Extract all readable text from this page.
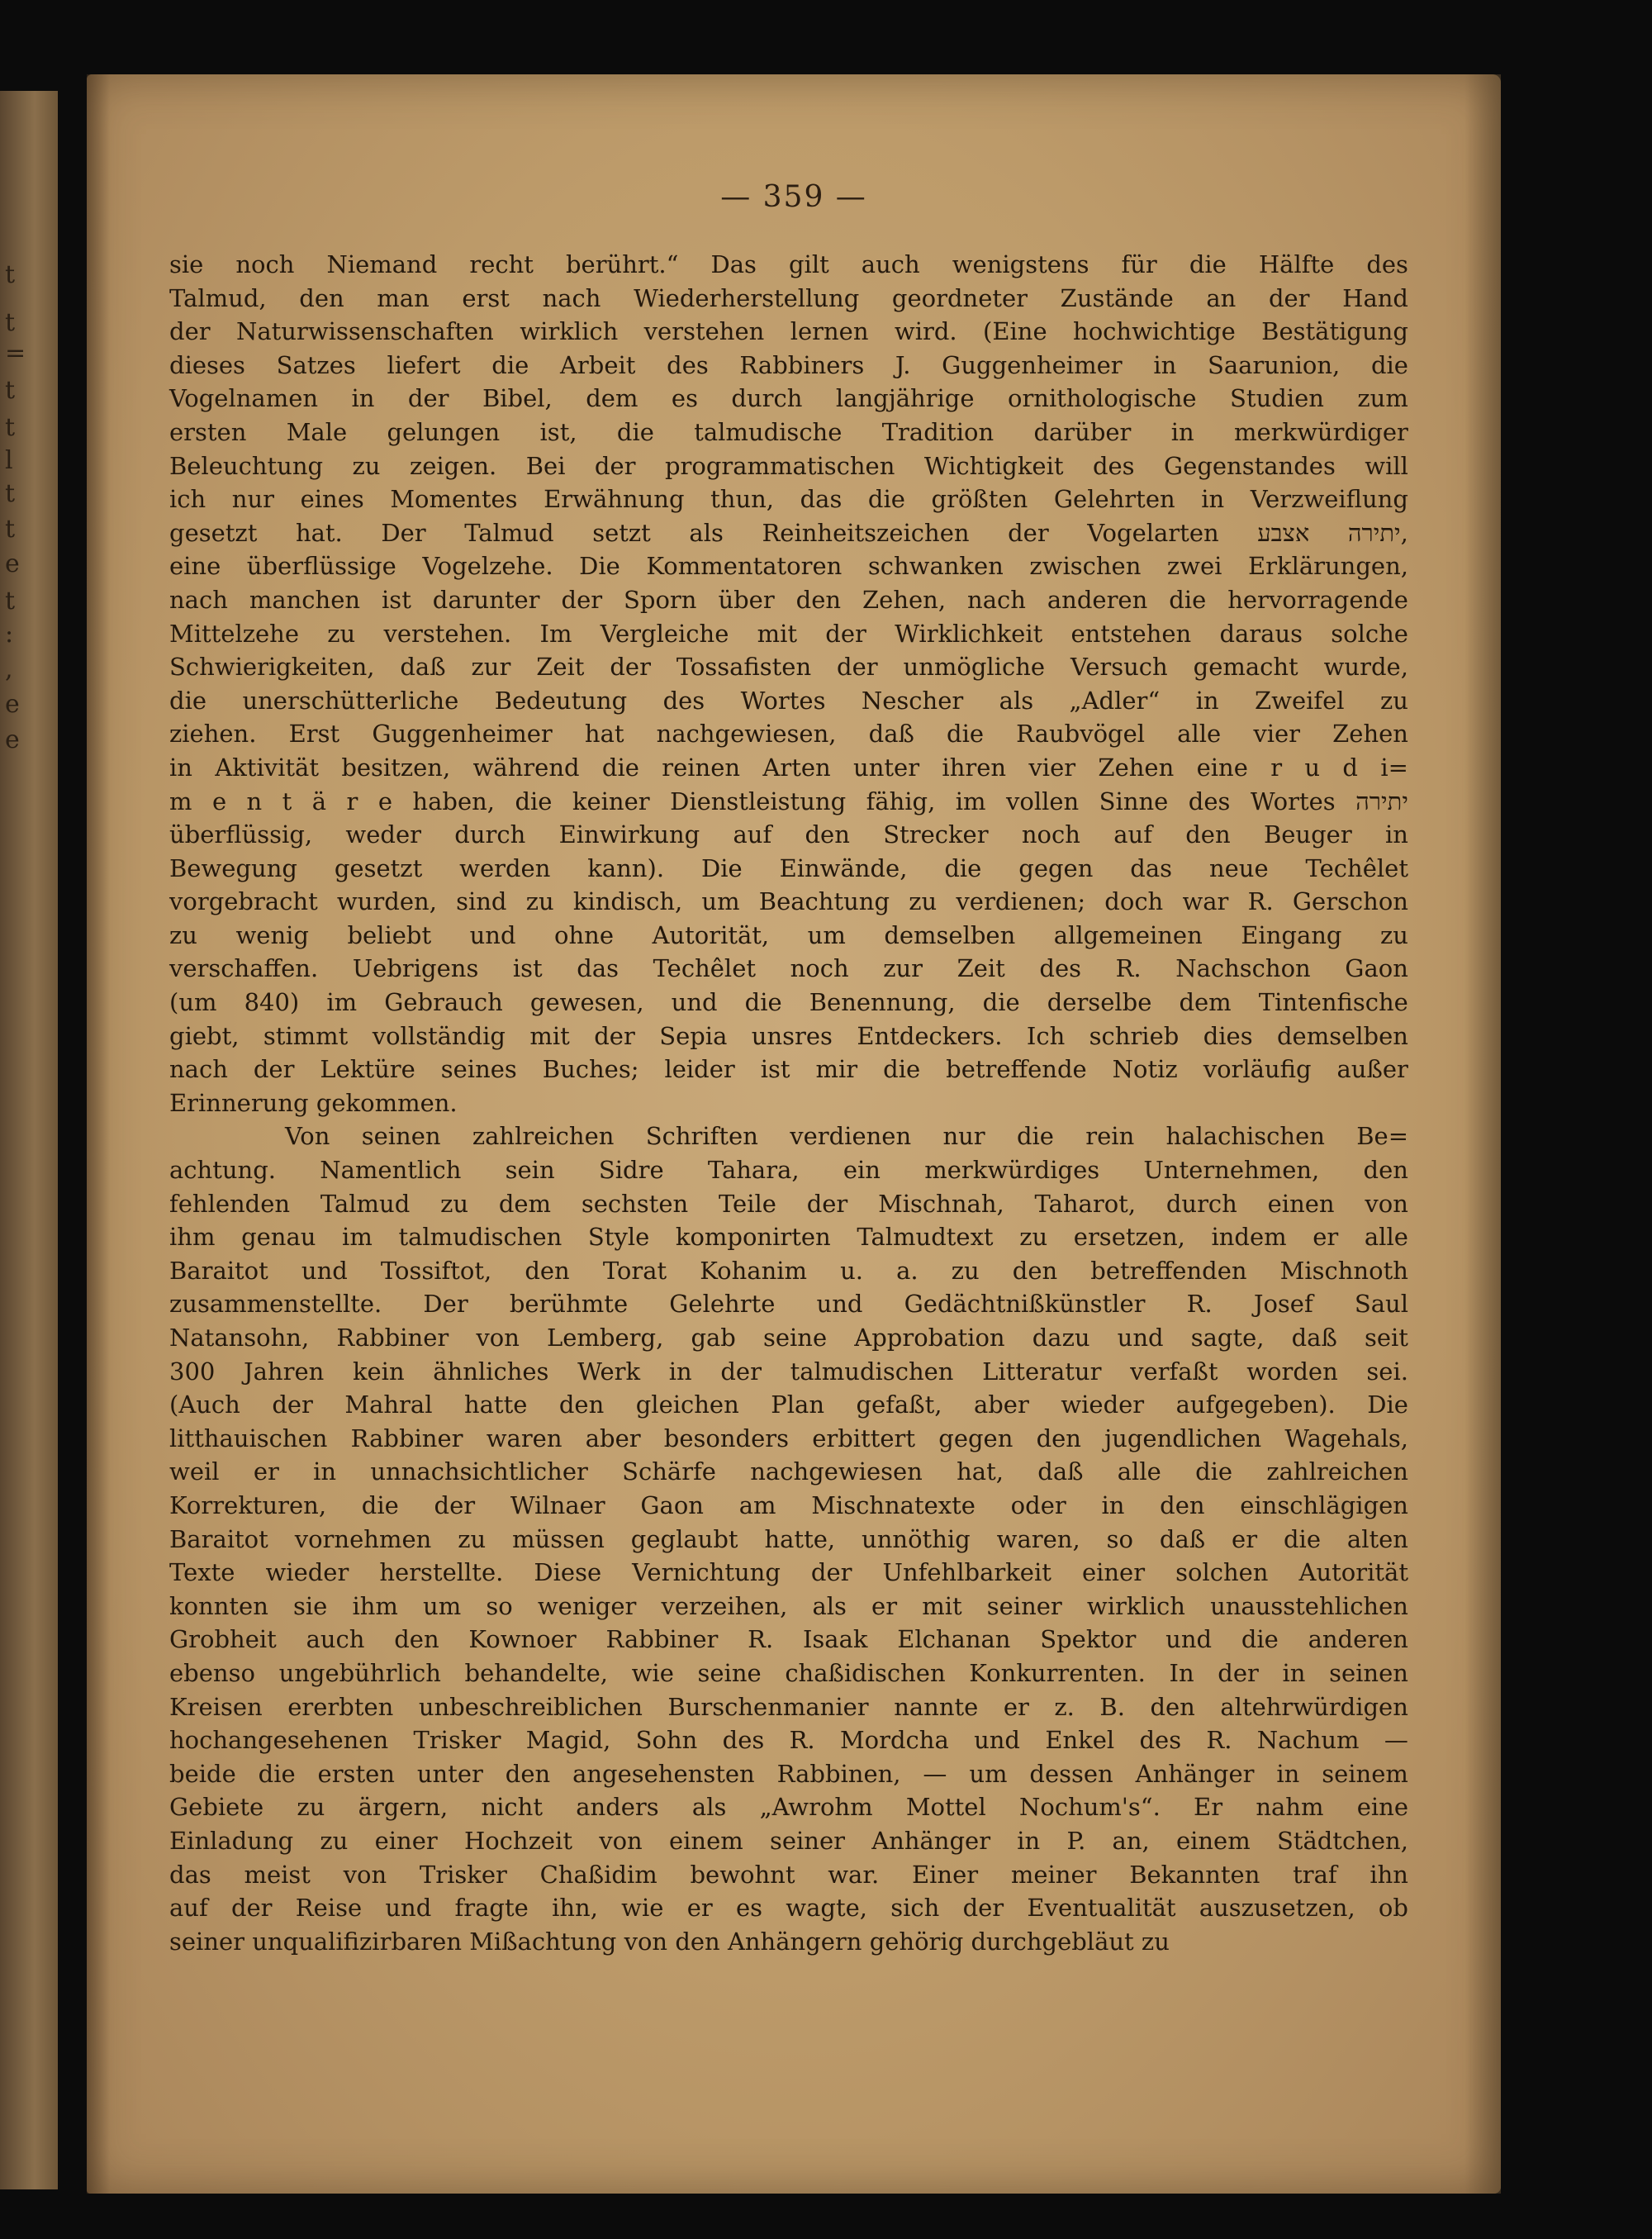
t
t
=
t
t
l
t
t
e
t
:
,
e
e
— 359 —
sie noch Niemand recht berührt.“ Das gilt auch wenigstens für die Hälfte des
Talmud, den man erst nach Wiederherstellung geordneter Zustände an der Hand
der Naturwissenschaften wirklich verstehen lernen wird. (Eine hochwichtige Bestätigung
dieses Satzes liefert die Arbeit des Rabbiners J. Guggenheimer in Saarunion, die
Vogelnamen in der Bibel, dem es durch langjährige ornithologische Studien zum
ersten Male gelungen ist, die talmudische Tradition darüber in merkwürdiger
Beleuchtung zu zeigen. Bei der programmatischen Wichtigkeit des Gegenstandes will
ich nur eines Momentes Erwähnung thun, das die größten Gelehrten in Verzweiflung
gesetzt hat. Der Talmud setzt als Reinheitszeichen der Vogelarten אצבע יתירה,
eine überflüssige Vogelzehe. Die Kommentatoren schwanken zwischen zwei Erklärungen,
nach manchen ist darunter der Sporn über den Zehen, nach anderen die hervorragende
Mittelzehe zu verstehen. Im Vergleiche mit der Wirklichkeit entstehen daraus solche
Schwierigkeiten, daß zur Zeit der Tossafisten der unmögliche Versuch gemacht wurde,
die unerschütterliche Bedeutung des Wortes Nescher als „Adler“ in Zweifel zu
ziehen. Erst Guggenheimer hat nachgewiesen, daß die Raubvögel alle vier Zehen
in Aktivität besitzen, während die reinen Arten unter ihren vier Zehen eine r u d i=
m e n t ä r e haben, die keiner Dienstleistung fähig, im vollen Sinne des Wortes יתירה
überflüssig, weder durch Einwirkung auf den Strecker noch auf den Beuger in
Bewegung gesetzt werden kann). Die Einwände, die gegen das neue Techêlet
vorgebracht wurden, sind zu kindisch, um Beachtung zu verdienen; doch war R. Gerschon
zu wenig beliebt und ohne Autorität, um demselben allgemeinen Eingang zu
verschaffen. Uebrigens ist das Techêlet noch zur Zeit des R. Nachschon Gaon
(um 840) im Gebrauch gewesen, und die Benennung, die derselbe dem Tintenfische
giebt, stimmt vollständig mit der Sepia unsres Entdeckers. Ich schrieb dies demselben
nach der Lektüre seines Buches; leider ist mir die betreffende Notiz vorläufig außer
Erinnerung gekommen.
Von seinen zahlreichen Schriften verdienen nur die rein halachischen Be=
achtung. Namentlich sein Sidre Tahara, ein merkwürdiges Unternehmen, den
fehlenden Talmud zu dem sechsten Teile der Mischnah, Taharot, durch einen von
ihm genau im talmudischen Style komponirten Talmudtext zu ersetzen, indem er alle
Baraitot und Tossiftot, den Torat Kohanim u. a. zu den betreffenden Mischnoth
zusammenstellte. Der berühmte Gelehrte und Gedächtnißkünstler R. Josef Saul
Natansohn, Rabbiner von Lemberg, gab seine Approbation dazu und sagte, daß seit
300 Jahren kein ähnliches Werk in der talmudischen Litteratur verfaßt worden sei.
(Auch der Mahral hatte den gleichen Plan gefaßt, aber wieder aufgegeben). Die
litthauischen Rabbiner waren aber besonders erbittert gegen den jugendlichen Wagehals,
weil er in unnachsichtlicher Schärfe nachgewiesen hat, daß alle die zahlreichen
Korrekturen, die der Wilnaer Gaon am Mischnatexte oder in den einschlägigen
Baraitot vornehmen zu müssen geglaubt hatte, unnöthig waren, so daß er die alten
Texte wieder herstellte. Diese Vernichtung der Unfehlbarkeit einer solchen Autorität
konnten sie ihm um so weniger verzeihen, als er mit seiner wirklich unausstehlichen
Grobheit auch den Kownoer Rabbiner R. Isaak Elchanan Spektor und die anderen
ebenso ungebührlich behandelte, wie seine chaßidischen Konkurrenten. In der in seinen
Kreisen ererbten unbeschreiblichen Burschenmanier nannte er z. B. den altehrwürdigen
hochangesehenen Trisker Magid, Sohn des R. Mordcha und Enkel des R. Nachum —
beide die ersten unter den angesehensten Rabbinen, — um dessen Anhänger in seinem
Gebiete zu ärgern, nicht anders als „Awrohm Mottel Nochum's“. Er nahm eine
Einladung zu einer Hochzeit von einem seiner Anhänger in P. an, einem Städtchen,
das meist von Trisker Chaßidim bewohnt war. Einer meiner Bekannten traf ihn
auf der Reise und fragte ihn, wie er es wagte, sich der Eventualität auszusetzen, ob
seiner unqualifizirbaren Mißachtung von den Anhängern gehörig durchgebläut zu
